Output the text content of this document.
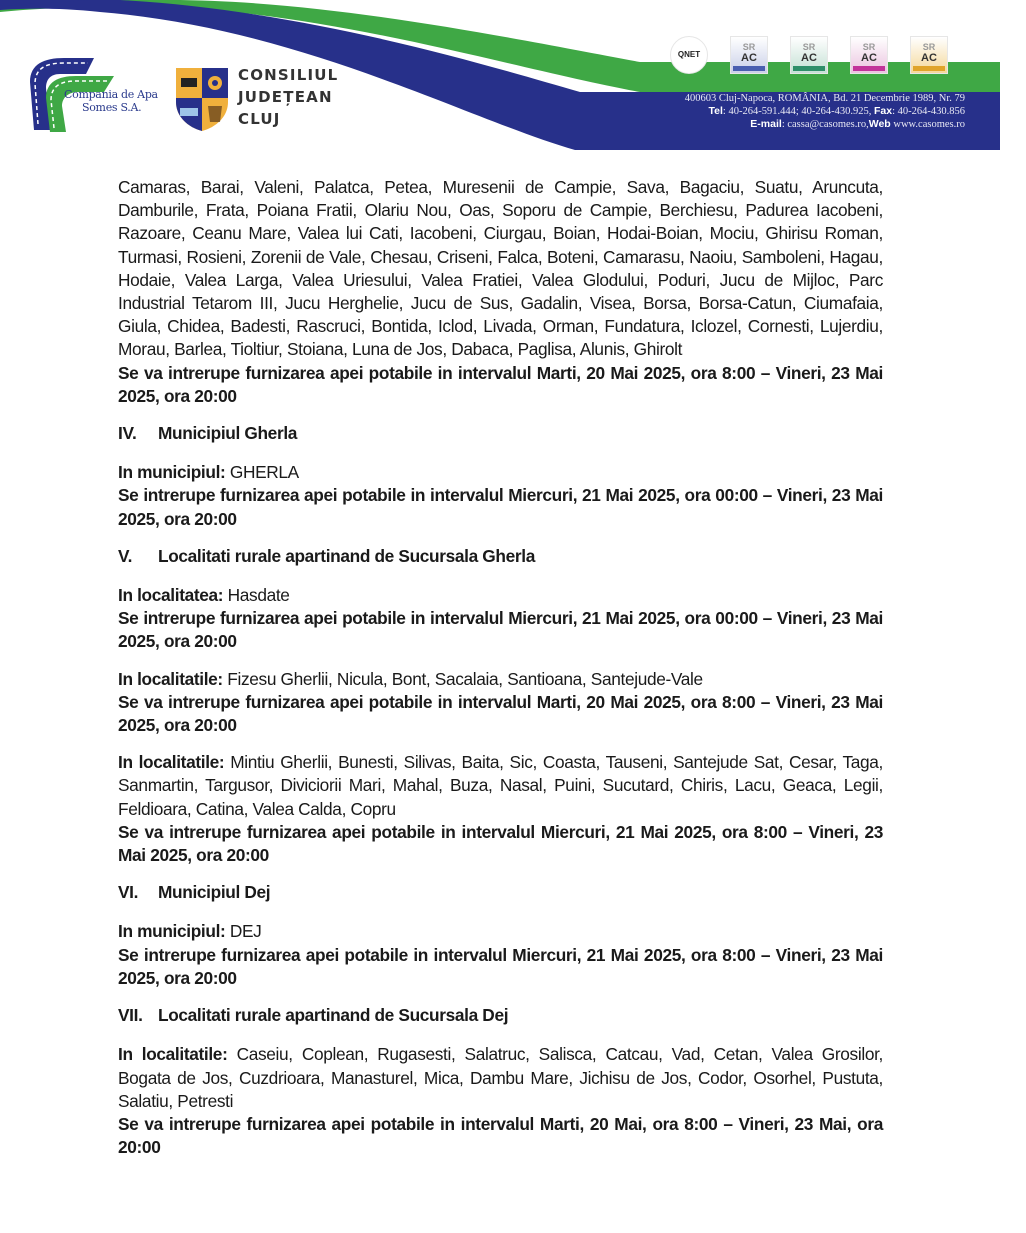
Compania de Apa
Somes S.A.
CONSILIUL
JUDEȚEAN
CLUJ
QNET
SR
AC
SR
AC
SR
AC
SR
AC
400603 Cluj-Napoca, ROMÂNIA, Bd. 21 Decembrie 1989, Nr. 79
Tel: 40-264-591.444; 40-264-430.925, Fax: 40-264-430.856
E-mail: cassa@casomes.ro,Web www.casomes.ro

Camaras, Barai, Valeni, Palatca, Petea, Muresenii de Campie, Sava, Bagaciu, Suatu, Aruncuta, Damburile, Frata, Poiana Fratii, Olariu Nou, Oas, Soporu de Campie, Berchiesu, Padurea Iacobeni, Razoare, Ceanu Mare, Valea lui Cati, Iacobeni, Ciurgau, Boian, Hodai-Boian, Mociu, Ghirisu Roman, Turmasi, Rosieni, Zorenii de Vale, Chesau, Criseni, Falca, Boteni, Camarasu, Naoiu, Samboleni, Hagau, Hodaie, Valea Larga, Valea Uriesului, Valea Fratiei, Valea Glodului, Poduri, Jucu de Mijloc, Parc Industrial Tetarom III, Jucu Herghelie, Jucu de Sus, Gadalin, Visea, Borsa, Borsa-Catun, Ciumafaia, Giula, Chidea, Badesti, Rascruci, Bontida, Iclod, Livada, Orman, Fundatura, Iclozel, Cornesti, Lujerdiu, Morau, Barlea, Tioltiur, Stoiana, Luna de Jos, Dabaca, Paglisa, Alunis, Ghirolt

Se va intrerupe furnizarea apei potabile in intervalul Marti, 20 Mai 2025, ora 8:00 – Vineri, 23 Mai 2025, ora 20:00

IV. Municipiul Gherla

In municipiul: GHERLA

Se intrerupe furnizarea apei potabile in intervalul Miercuri, 21 Mai 2025, ora 00:00 – Vineri, 23 Mai 2025, ora 20:00

V. Localitati rurale apartinand de Sucursala Gherla

In localitatea: Hasdate

Se intrerupe furnizarea apei potabile in intervalul Miercuri, 21 Mai 2025, ora 00:00 – Vineri, 23 Mai 2025, ora 20:00

In localitatile: Fizesu Gherlii, Nicula, Bont, Sacalaia, Santioana, Santejude-Vale

Se va intrerupe furnizarea apei potabile in intervalul Marti, 20 Mai 2025, ora 8:00 – Vineri, 23 Mai 2025, ora 20:00

In localitatile: Mintiu Gherlii, Bunesti, Silivas, Baita, Sic, Coasta, Tauseni, Santejude Sat, Cesar, Taga, Sanmartin, Targusor, Diviciorii Mari, Mahal, Buza, Nasal, Puini, Sucutard, Chiris, Lacu, Geaca, Legii, Feldioara, Catina, Valea Calda, Copru

Se va intrerupe furnizarea apei potabile in intervalul Miercuri, 21 Mai 2025, ora 8:00 – Vineri, 23 Mai 2025, ora 20:00

VI. Municipiul Dej

In municipiul: DEJ

Se intrerupe furnizarea apei potabile in intervalul Miercuri, 21 Mai 2025, ora 8:00 – Vineri, 23 Mai 2025, ora 20:00

VII. Localitati rurale apartinand de Sucursala Dej

In localitatile: Caseiu, Coplean, Rugasesti, Salatruc, Salisca, Catcau, Vad, Cetan, Valea Grosilor, Bogata de Jos, Cuzdrioara, Manasturel, Mica, Dambu Mare, Jichisu de Jos, Codor, Osorhel, Pustuta, Salatiu, Petresti

Se va intrerupe furnizarea apei potabile in intervalul Marti, 20 Mai, ora 8:00 – Vineri, 23 Mai, ora 20:00
